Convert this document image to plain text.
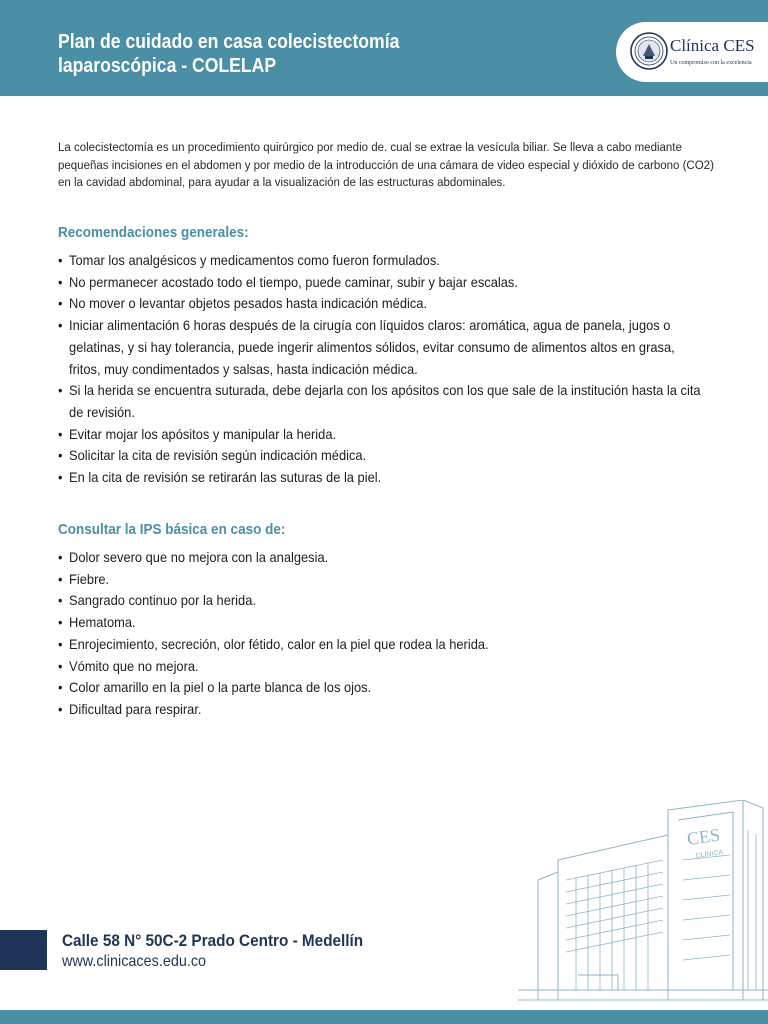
Plan de cuidado en casa colecistectomía
laparoscópica - COLELAP
Clínica CES
Un compromiso con la excelencia
La colecistectomía es un procedimiento quirúrgico por medio de. cual se extrae la vesícula biliar. Se lleva a cabo mediante pequeñas incisiones en el abdomen y por medio de la introducción de una cámara de video especial y dióxido de carbono (CO2) en la cavidad abdominal, para ayudar a la visualización de las estructuras abdominales.
Recomendaciones generales:
• Tomar los analgésicos y medicamentos como fueron formulados.
• No permanecer acostado todo el tiempo, puede caminar, subir y bajar escalas.
• No mover o levantar objetos pesados hasta indicación médica.
• Iniciar alimentación 6 horas después de la cirugía con líquidos claros: aromática, agua de panela, jugos o gelatinas, y si hay tolerancia, puede ingerir alimentos sólidos, evitar consumo de alimentos altos en grasa, fritos, muy condimentados y salsas, hasta indicación médica.
• Si la herida se encuentra suturada, debe dejarla con los apósitos con los que sale de la institución hasta la cita de revisión.
• Evitar mojar los apósitos y manipular la herida.
• Solicitar la cita de revisión según indicación médica.
• En la cita de revisión se retirarán las suturas de la piel.
Consultar la IPS básica en caso de:
• Dolor severo que no mejora con la analgesia.
• Fiebre.
• Sangrado continuo por la herida.
• Hematoma.
• Enrojecimiento, secreción, olor fétido, calor en la piel que rodea la herida.
• Vómito que no mejora.
• Color amarillo en la piel o la parte blanca de los ojos.
• Dificultad para respirar.
CES
CLÍNICA
Calle 58 N° 50C-2 Prado Centro - Medellín
www.clinicaces.edu.co
